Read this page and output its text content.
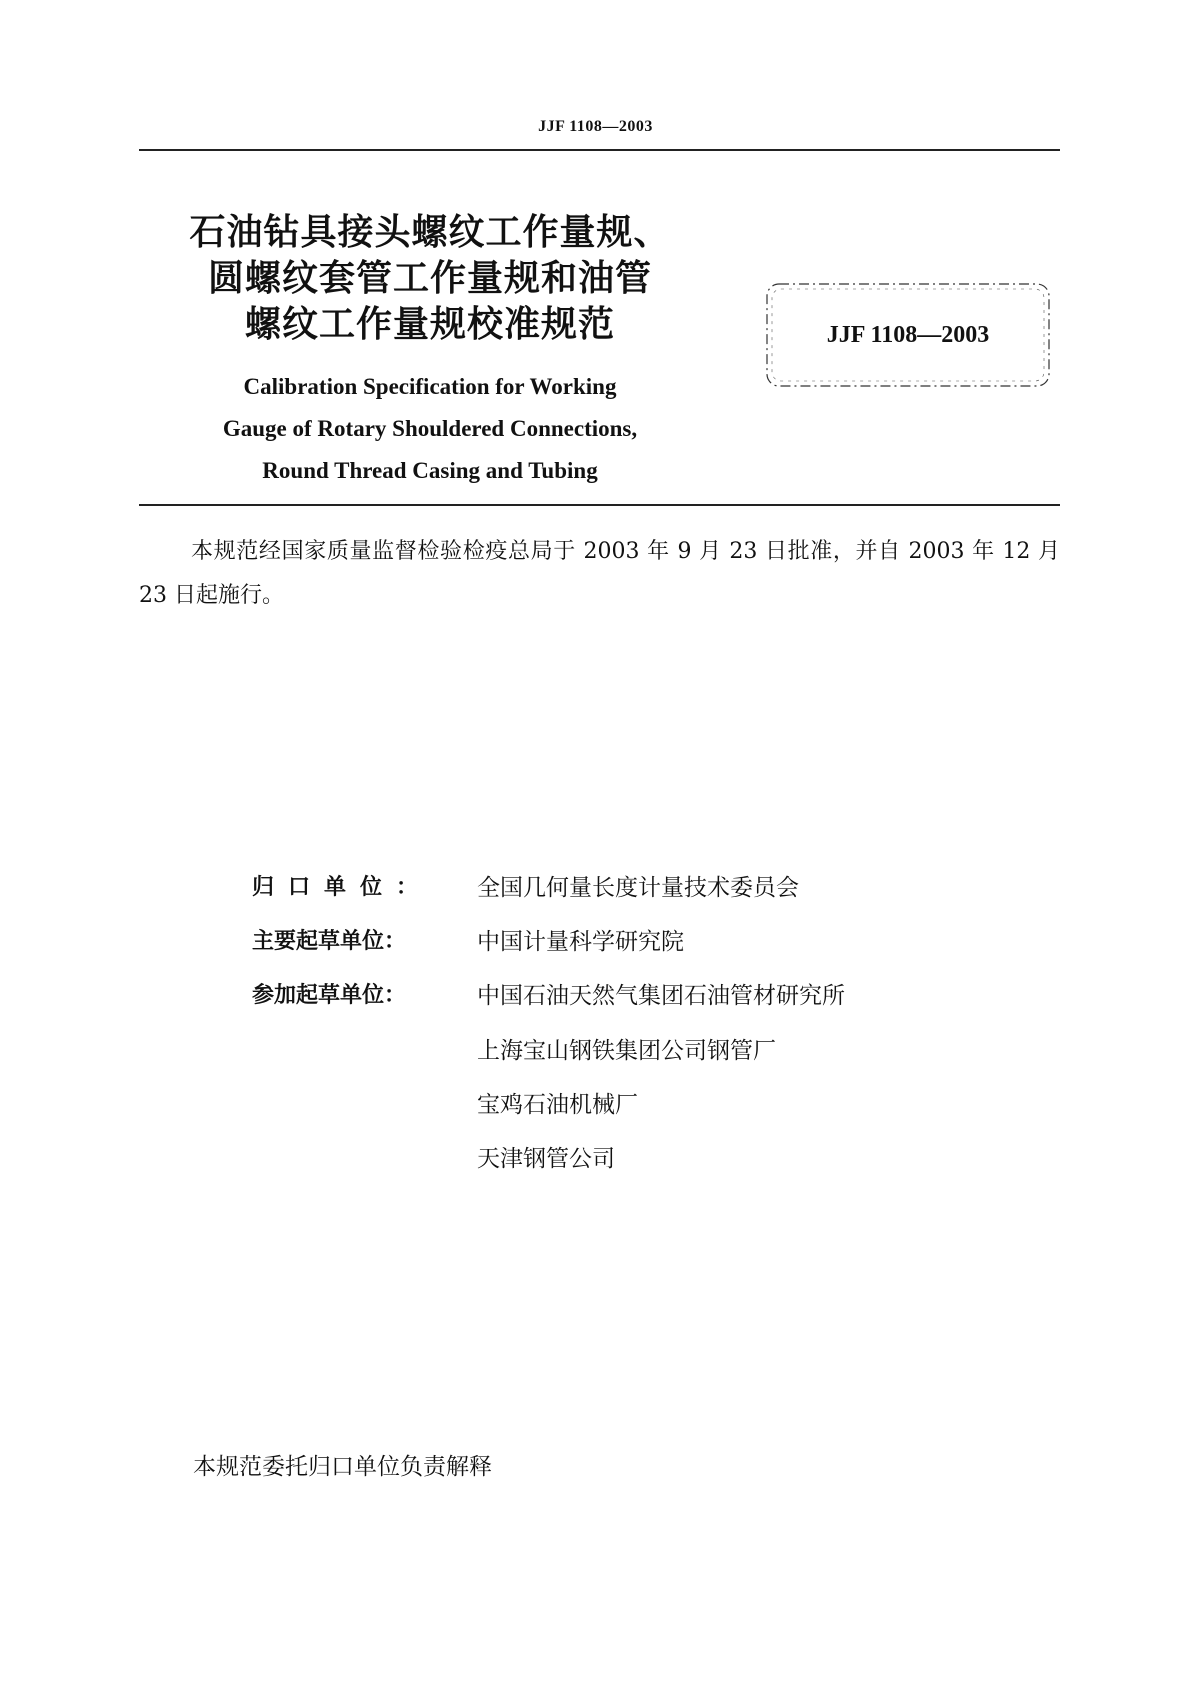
JJF 1108—2003
石油钻具接头螺纹工作量规、
圆螺纹套管工作量规和油管
螺纹工作量规校准规范
Calibration Specification for Working
Gauge of Rotary Shouldered Connections,
Round Thread Casing and Tubing
JJF 1108—2003
本规范经国家质量监督检验检疫总局于 2003 年 9 月 23 日批准，并自 2003 年 12 月 23 日起施行。
归口单位：	全国几何量长度计量技术委员会
主要起草单位：	中国计量科学研究院
参加起草单位：	中国石油天然气集团石油管材研究所
上海宝山钢铁集团公司钢管厂
宝鸡石油机械厂
天津钢管公司
本规范委托归口单位负责解释
